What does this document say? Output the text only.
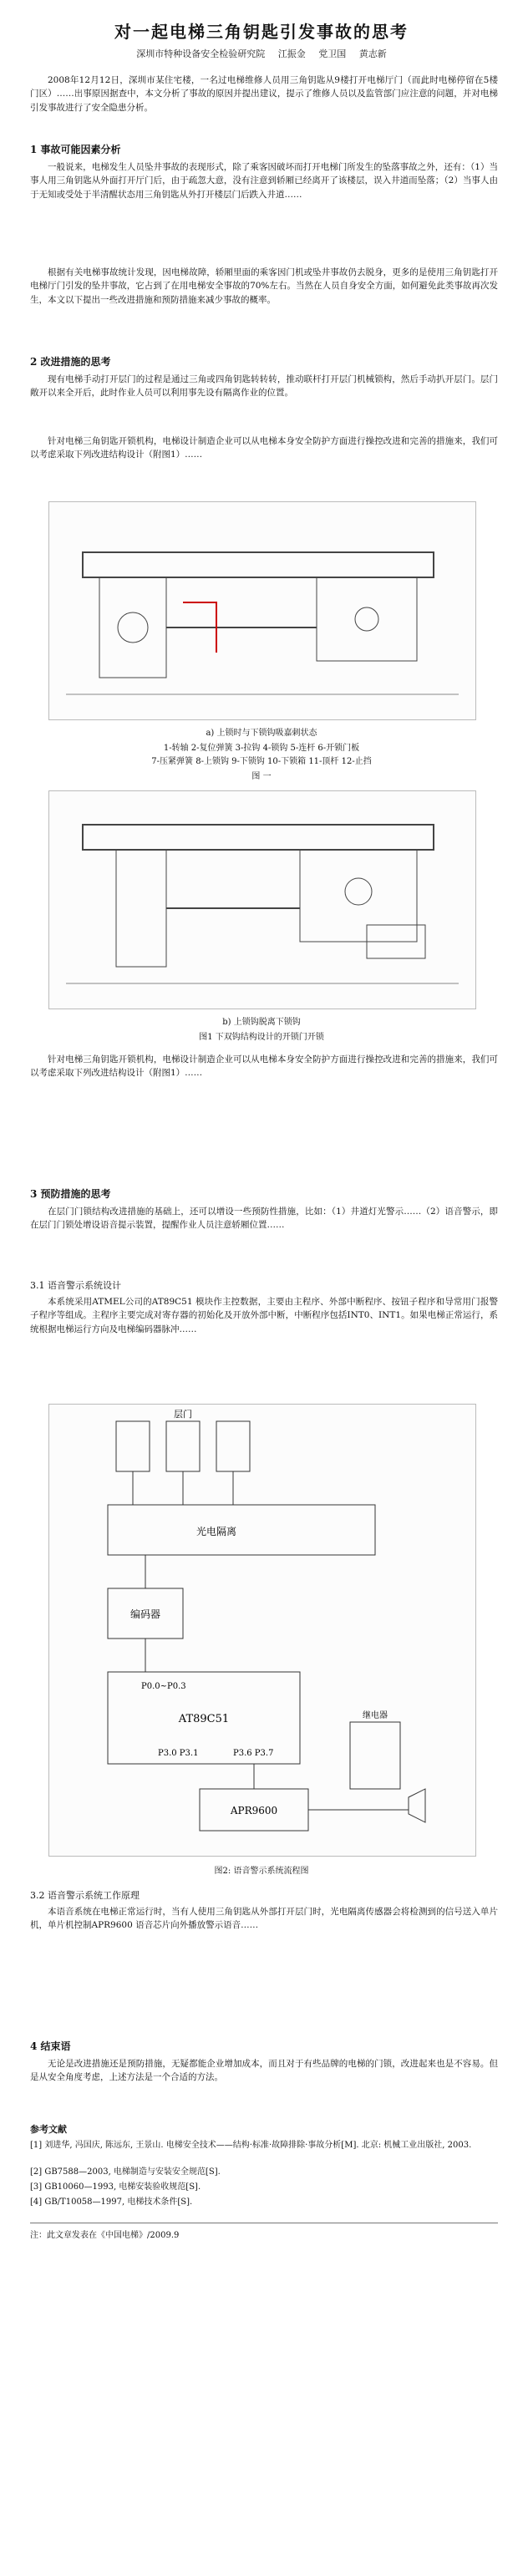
对一起电梯三角钥匙引发事故的思考
深圳市特种设备安全检验研究院 江振金 党卫国 黄志新
2008年12月12日，深圳市某住宅楼，一名过电梯维修人员用三角钥匙从9楼打开电梯厅门（而此时电梯停留在5楼门区）……出事原因据查中，本文分析了事故的原因并提出建议，提示了维修人员以及监管部门应注意的问题，并对电梯引发事故进行了安全隐患分析。
1 事故可能因素分析
一般说来，电梯发生人员坠井事故的表现形式，除了乘客因破坏而打开电梯门所发生的坠落事故之外，还有：（1）当事人用三角钥匙从外面打开厅门后，由于疏忽大意，没有注意到轿厢已经离开了该楼层，误入井道而坠落；（2）当事人由于无知或受处于半清醒状态用三角钥匙从外打开楼层门后跌入井道……
根据有关电梯事故统计发现，因电梯故障，轿厢里面的乘客因门机或坠井事故仍去脱身，更多的是使用三角钥匙打开电梯厅门引发的坠井事故，它占到了在用电梯安全事故的70%左右。当然在人员自身安全方面，如何避免此类事故再次发生，本文以下提出一些改进措施和预防措施来减少事故的概率。
2 改进措施的思考
现有电梯手动打开层门的过程是通过三角或四角钥匙转转转，推动联杆打开层门机械锁构，然后手动扒开层门。层门敞开以来全开后，此时作业人员可以利用事先设有隔离作业的位置。
针对电梯三角钥匙开锁机构，电梯设计制造企业可以从电梯本身安全防护方面进行操控改进和完善的措施来，我们可以考虑采取下列改进结构设计（附图1）……
a) 上锁时与下锁钩吸嘉刺状态
1-转轴 2-复位弹簧 3-拉钩 4-锁钩 5-连杆 6-开锁门板
7-压紧弹簧 8-上锁钩 9-下锁钩 10-下锁箱 11-顶杆 12-止挡
图 一
b) 上锁钩脱离下锁钩
图1 下双钩结构设计的开锁门开锁
针对电梯三角钥匙开锁机构，电梯设计制造企业可以从电梯本身安全防护方面进行操控改进和完善的措施来，我们可以考虑采取下列改进结构设计（附图1）……
3 预防措施的思考
在层门门锁结构改进措施的基础上，还可以增设一些预防性措施，比如：（1）井道灯光警示……（2）语音警示，即在层门门锁处增设语音提示装置，提醒作业人员注意轿厢位置……
3.1 语音警示系统设计
本系统采用ATMEL公司的AT89C51 模块作主控数据，主要由主程序、外部中断程序、按钮子程序和导常用门报警子程序等组成。主程序主要完成对寄存器的初始化及开放外部中断，中断程序包括INT0、INT1。如果电梯正常运行，系统根据电梯运行方向及电梯编码器脉冲……
光电隔离
编码器
AT89C51
P0.0~P0.3
P3.0 P3.1	P3.6 P3.7
APR9600
层门
继电器
图2: 语音警示系统流程图
3.2 语音警示系统工作原理
本语音系统在电梯正常运行时，当有人使用三角钥匙从外部打开层门时，光电隔离传感器会将检测到的信号送入单片机，单片机控制APR9600 语音芯片向外播放警示语音……
4 结束语
无论是改进措施还是预防措施，无疑都能企业增加成本，而且对于有些品牌的电梯的门锁，改进起来也是不容易。但是从安全角度考虑，上述方法是一个合适的方法。
参考文献
[1] 刘进华, 冯国庆, 陈远东, 王景山. 电梯安全技术——结构·标准·故障排除·事故分析[M]. 北京: 机械工业出版社, 2003.
[2] GB7588—2003, 电梯制造与安装安全规范[S].
[3] GB10060—1993, 电梯安装验收规范[S].
[4] GB/T10058—1997, 电梯技术条件[S].
注：此文章发表在《中国电梯》/2009.9
